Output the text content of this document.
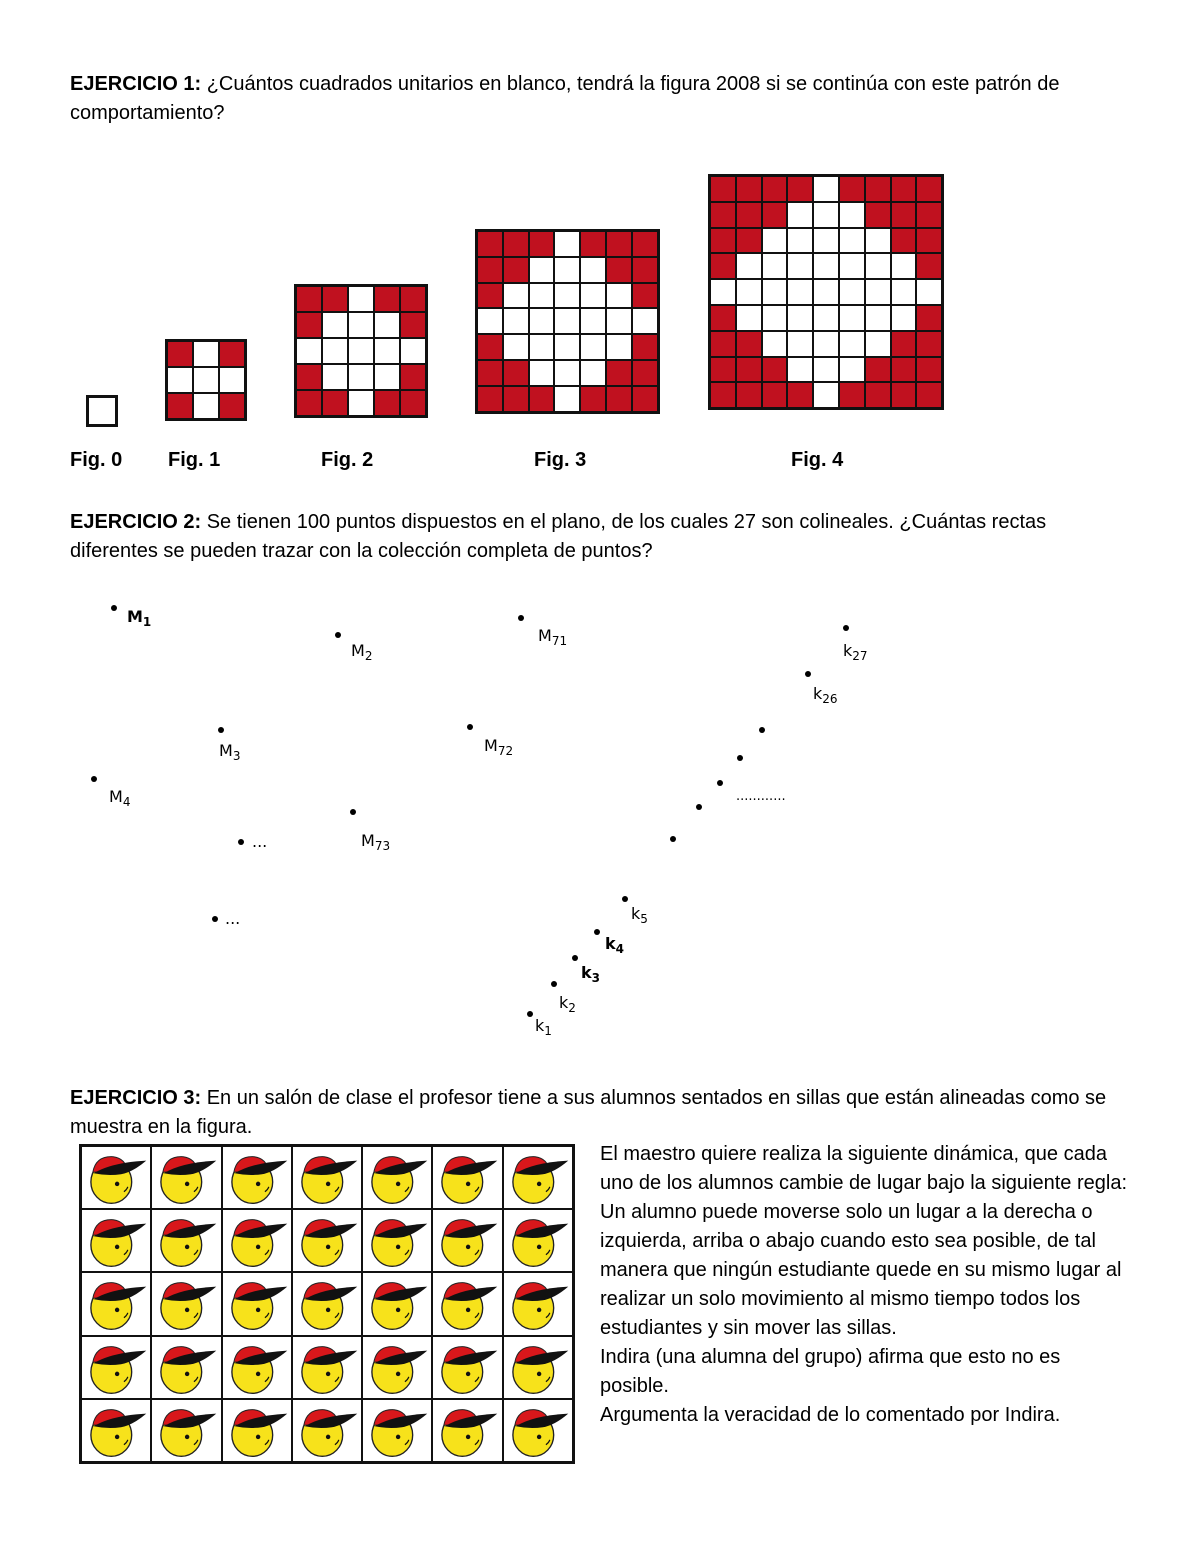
EJERCICIO 1: ¿Cuántos cuadrados unitarios en blanco, tendrá la figura 2008 si se continúa con este patrón de comportamiento?

Fig. 0 Fig. 1	Fig. 2	Fig. 3	Fig. 4

EJERCICIO 2: Se tienen 100 puntos dispuestos en el plano, de los cuales 27 son colineales. ¿Cuántas rectas diferentes se pueden trazar con la colección completa de puntos?

$M_1$
$M_2$
$M_3$
$M_4$
...
...
$M_{71}$
$M_{72}$
$M_{73}$
$k_1$
$k_2$
$k_3$
$k_4$
$k_5$
............
$k_{26}$
$k_{27}$

EJERCICIO 3: En un salón de clase el profesor tiene a sus alumnos sentados en sillas que están alineadas como se muestra en la figura.

El maestro quiere realiza la siguiente dinámica, que cada uno de los alumnos cambie de lugar bajo la siguiente regla: Un alumno puede moverse solo un lugar a la derecha o izquierda, arriba o abajo cuando esto sea posible, de tal manera que ningún estudiante quede en su mismo lugar al realizar un solo movimiento al mismo tiempo todos los estudiantes y sin mover las sillas.

Indira (una alumna del grupo) afirma que esto no es posible.

Argumenta la veracidad de lo comentado por Indira.
